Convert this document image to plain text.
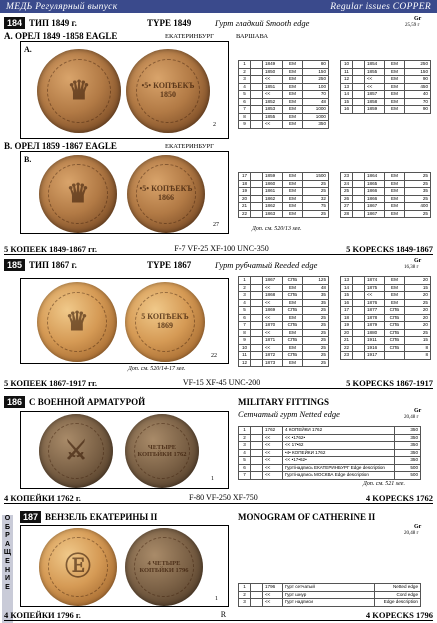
МЕДЬ Регулярный выпуск	Regular issues COPPER
О
Б
Р
А
Щ
Е
Н
И
Е
184 ТИП 1849 г.	TYPE 1849	Гурт гладкий Smooth edge	Gr
25,59 г
A. ОРЕЛ 1849 -1858 EAGLE	ЕКАТЕРИНБУРГ	ВАРШАВА
A.
♛	•5• КОПѢЕКЪ 1850
2
1		1849	ЕМ	80
2		1850	ЕМ	150
3		<<	ЕМ	250
4		1851	ЕМ	100
5		<<	ЕМ	70
6		1852	ЕМ	48
7		1853	ЕМ	1000
8		1855	ЕМ	1000
9		<<	ЕМ	350
10		1854	ЕМ	250
11		1855	ЕМ	150
12		<<	ЕМ	90
13		<<	ЕМ	450
14		1857	ЕМ	40
15		1858	ЕМ	70
16		1859	ЕМ	90
B. ОРЕЛ 1859 -1867 EAGLE	ЕКАТЕРИНБУРГ
B.
♛	•5• КОПѢЕКЪ 1866
27
17		1859	ЕМ	1500
18		1860	ЕМ	25
19		1861	ЕМ	25
20		1862	ЕМ	32
21		1862	ЕМ	75
22		1863	ЕМ	25
23		1864	ЕМ	25
24		1865	ЕМ	25
25		1866	ЕМ	35
26		1866	ЕМ	25
27		1867	ЕМ	400
28		1867	ЕМ	25
Доп. см. 520/13 see.
5 КОПЕЕК 1849-1867 гг.	F-7 VF-25 XF-100 UNC-350	5 KOPECKS 1849-1867
185 ТИП 1867 г.	TYPE 1867	Гурт рубчатый Reeded edge	Gr
16,38 г
♛	5 КОПѢЕКЪ 1869
22
Доп. см. 520/14-17 see.
1		1867	СПБ	125
2		<<	ЕМ	48
3		1868	СПБ	35
4		<<	ЕМ	35
5		1869	СПБ	25
6		<<	ЕМ	25
7		1870	СПБ	25
8		<<	ЕМ	25
9		1871	СПБ	25
10		<<	ЕМ	25
11		1872	СПБ	25
12		1873	ЕМ	25
13		1874	ЕМ	20
14		1875	ЕМ	15
15		<<	ЕМ	20
16		1876	ЕМ	25
17		1877	СПБ	20
18		1878	СПБ	20
19		1879	СПБ	20
20		1880	СПБ	25
21		1911	СПБ	15
22		1916	СПБ	8
23		1917		8
5 КОПЕЕК 1867-1917 гг.	VF-15 XF-45 UNC-200	5 KOPECKS 1867-1917
186 С ВОЕННОЙ АРМАТУРОЙ	MILITARY FITTINGS
Сетчатый гурт Netted edge	Gr
20,48 г
⚔	ЧЕТЫРЕ КОПѢЙКИ 1762
1
1		1762	4 КОПЕЙКИ 1762	350
2		<<	<< •1762•	350
3		<<	<< 17•62	350
4		<<	•4• КОПЕЙКИ 1762	350
5		<<	<< •17•62•	350
6		<<	Гурт/надпись ЕКАТЕРИНБУРГ Edge description	500
7		<<	Гурт/надпись МОСКВА Edge description	500
Доп. см. 521 see.
4 КОПЕЙКИ 1762 г.	F-80 VF-250 XF-750	4 KOPECKS 1762
187 ВЕНЗЕЛЬ ЕКАТЕРИНЫ II	MONOGRAM OF CATHERINE II
Gr
20,48 г
Ⓔ	4 ЧЕТЫРЕ КОПѢЙКИ 1796
1
1		1796	Гурт сетчатый	Netted edge
2		<<	Гурт шнур	Cord edge
3		<<	Гурт надписи	Edge description
4 КОПЕЙКИ 1796 г.	R	4 KOPECKS 1796
